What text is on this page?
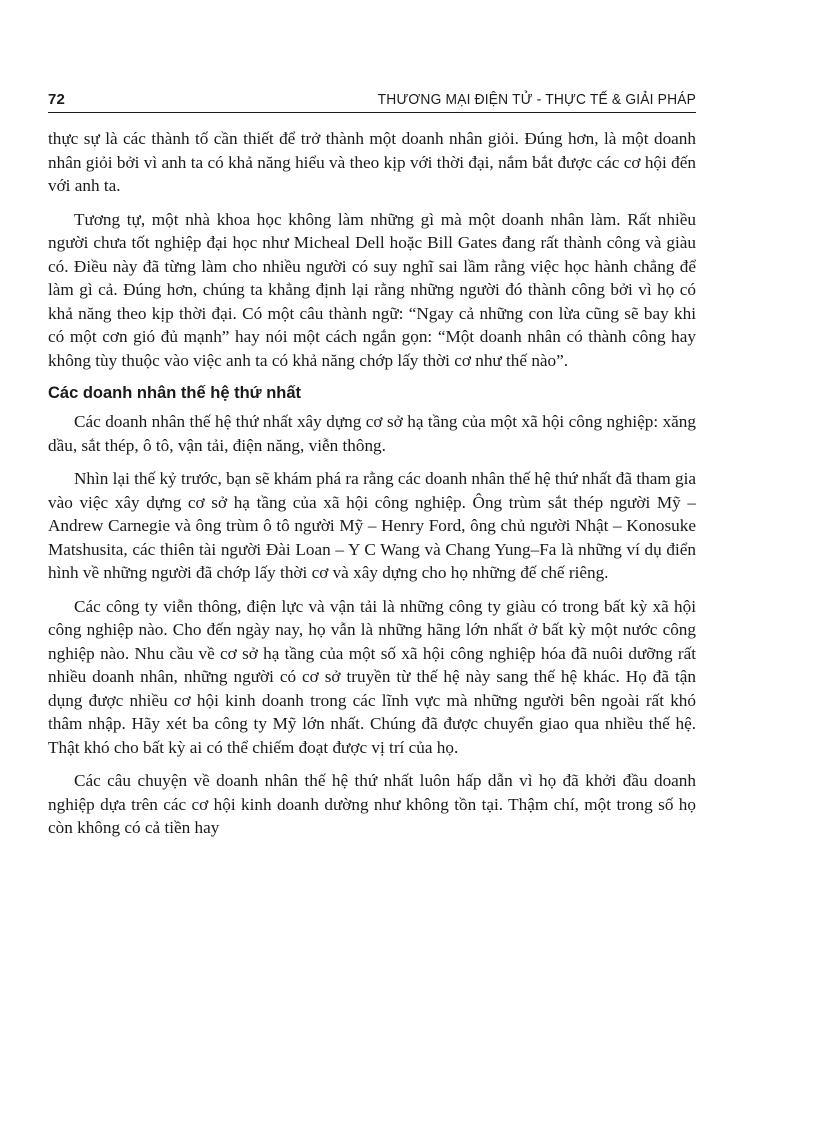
72	THƯƠNG MẠI ĐIỆN TỬ - THỰC TẾ & GIẢI PHÁP

thực sự là các thành tố cần thiết để trở thành một doanh nhân giỏi. Đúng hơn, là một doanh nhân giỏi bởi vì anh ta có khả năng hiểu và theo kịp với thời đại, nắm bắt được các cơ hội đến với anh ta.

Tương tự, một nhà khoa học không làm những gì mà một doanh nhân làm. Rất nhiều người chưa tốt nghiệp đại học như Micheal Dell hoặc Bill Gates đang rất thành công và giàu có. Điều này đã từng làm cho nhiều người có suy nghĩ sai lầm rằng việc học hành chẳng để làm gì cả. Đúng hơn, chúng ta khẳng định lại rằng những người đó thành công bởi vì họ có khả năng theo kịp thời đại. Có một câu thành ngữ: “Ngay cả những con lừa cũng sẽ bay khi có một cơn gió đủ mạnh” hay nói một cách ngắn gọn: “Một doanh nhân có thành công hay không tùy thuộc vào việc anh ta có khả năng chớp lấy thời cơ như thế nào”.

Các doanh nhân thế hệ thứ nhất

Các doanh nhân thế hệ thứ nhất xây dựng cơ sở hạ tầng của một xã hội công nghiệp: xăng dầu, sắt thép, ô tô, vận tải, điện năng, viễn thông.

Nhìn lại thế kỷ trước, bạn sẽ khám phá ra rằng các doanh nhân thế hệ thứ nhất đã tham gia vào việc xây dựng cơ sở hạ tầng của xã hội công nghiệp. Ông trùm sắt thép người Mỹ – Andrew Carnegie và ông trùm ô tô người Mỹ – Henry Ford, ông chủ người Nhật – Konosuke Matshusita, các thiên tài người Đài Loan – Y C Wang và Chang Yung–Fa là những ví dụ điển hình về những người đã chớp lấy thời cơ và xây dựng cho họ những đế chế riêng.

Các công ty viễn thông, điện lực và vận tải là những công ty giàu có trong bất kỳ xã hội công nghiệp nào. Cho đến ngày nay, họ vẫn là những hãng lớn nhất ở bất kỳ một nước công nghiệp nào. Nhu cầu về cơ sở hạ tầng của một số xã hội công nghiệp hóa đã nuôi dưỡng rất nhiều doanh nhân, những người có cơ sở truyền từ thế hệ này sang thế hệ khác. Họ đã tận dụng được nhiều cơ hội kinh doanh trong các lĩnh vực mà những người bên ngoài rất khó thâm nhập. Hãy xét ba công ty Mỹ lớn nhất. Chúng đã được chuyển giao qua nhiều thế hệ. Thật khó cho bất kỳ ai có thể chiếm đoạt được vị trí của họ.

Các câu chuyện về doanh nhân thế hệ thứ nhất luôn hấp dẫn vì họ đã khởi đầu doanh nghiệp dựa trên các cơ hội kinh doanh dường như không tồn tại. Thậm chí, một trong số họ còn không có cả tiền hay
